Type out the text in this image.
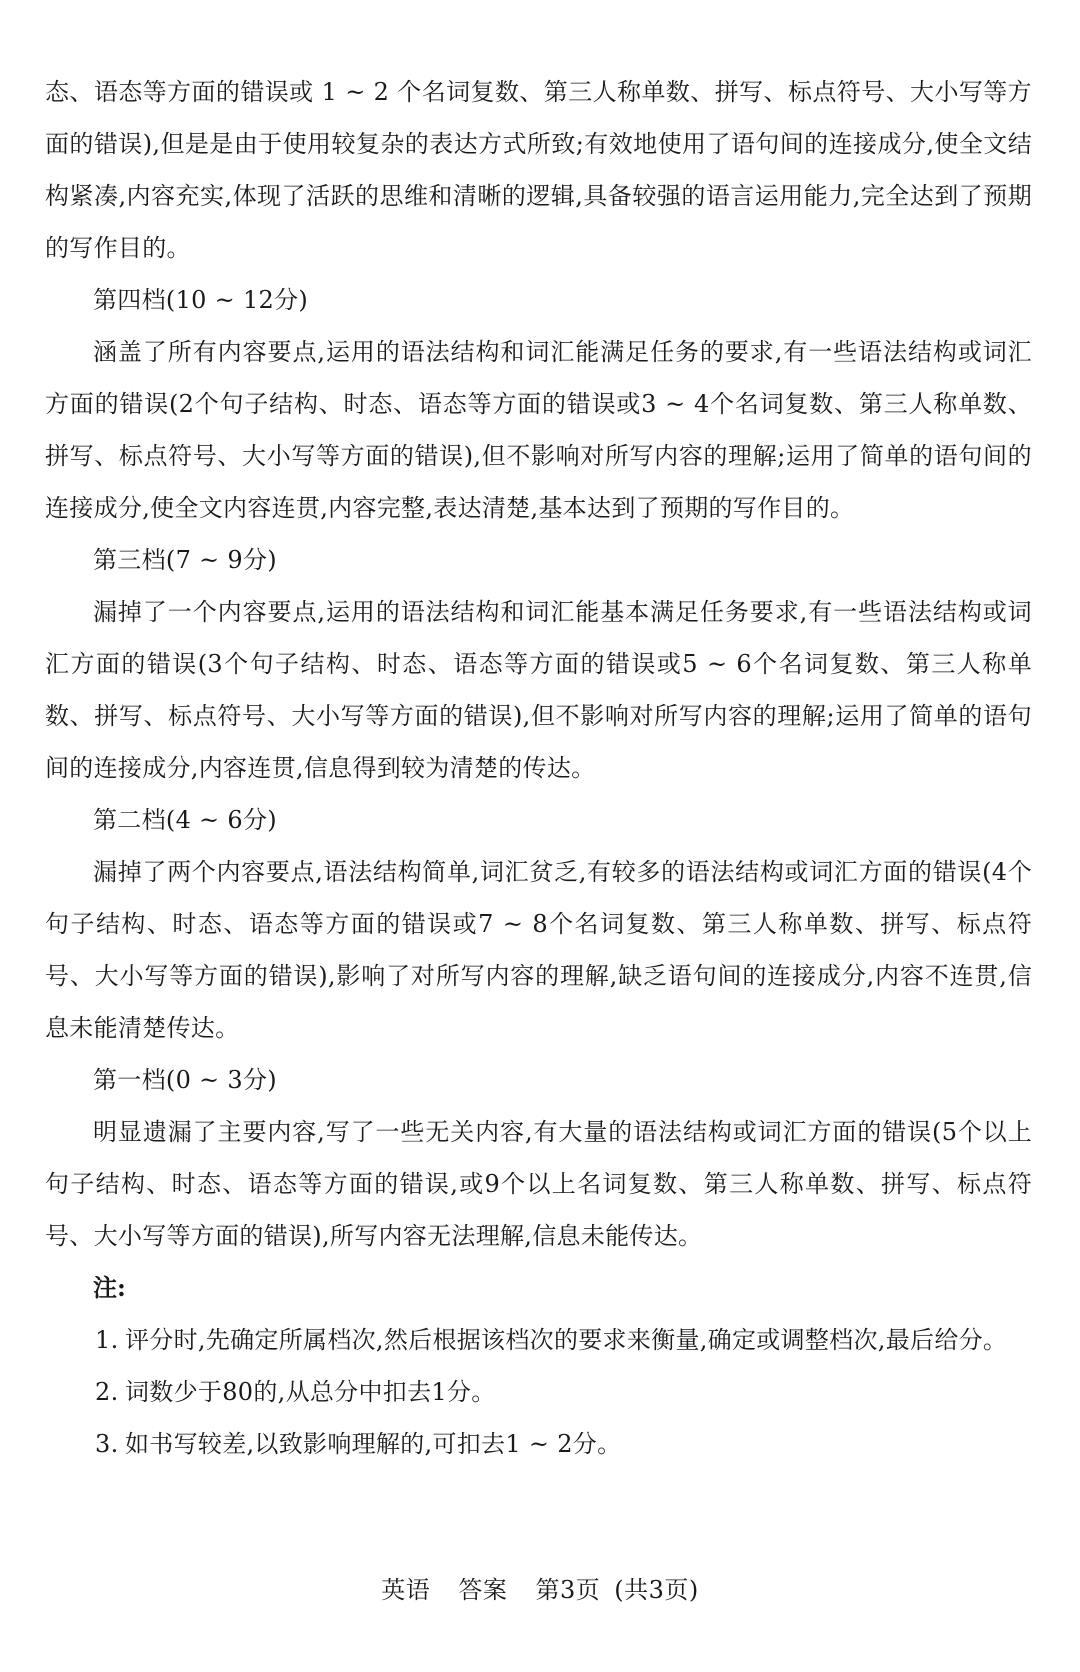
态、语态等方面的错误或 1 ~ 2 个名词复数、第三人称单数、拼写、标点符号、大小写等方面的错误),但是是由于使用较复杂的表达方式所致;有效地使用了语句间的连接成分,使全文结构紧凑,内容充实,体现了活跃的思维和清晰的逻辑,具备较强的语言运用能力,完全达到了预期的写作目的。

第四档(10 ~ 12分)

涵盖了所有内容要点,运用的语法结构和词汇能满足任务的要求,有一些语法结构或词汇方面的错误(2个句子结构、时态、语态等方面的错误或3 ~ 4个名词复数、第三人称单数、拼写、标点符号、大小写等方面的错误),但不影响对所写内容的理解;运用了简单的语句间的连接成分,使全文内容连贯,内容完整,表达清楚,基本达到了预期的写作目的。

第三档(7 ~ 9分)

漏掉了一个内容要点,运用的语法结构和词汇能基本满足任务要求,有一些语法结构或词汇方面的错误(3个句子结构、时态、语态等方面的错误或5 ~ 6个名词复数、第三人称单数、拼写、标点符号、大小写等方面的错误),但不影响对所写内容的理解;运用了简单的语句间的连接成分,内容连贯,信息得到较为清楚的传达。

第二档(4 ~ 6分)

漏掉了两个内容要点,语法结构简单,词汇贫乏,有较多的语法结构或词汇方面的错误(4个句子结构、时态、语态等方面的错误或7 ~ 8个名词复数、第三人称单数、拼写、标点符号、大小写等方面的错误),影响了对所写内容的理解,缺乏语句间的连接成分,内容不连贯,信息未能清楚传达。

第一档(0 ~ 3分)

明显遗漏了主要内容,写了一些无关内容,有大量的语法结构或词汇方面的错误(5个以上句子结构、时态、语态等方面的错误,或9个以上名词复数、第三人称单数、拼写、标点符号、大小写等方面的错误),所写内容无法理解,信息未能传达。

注:

1. 评分时,先确定所属档次,然后根据该档次的要求来衡量,确定或调整档次,最后给分。

2. 词数少于80的,从总分中扣去1分。

3. 如书写较差,以致影响理解的,可扣去1 ~ 2分。

英语 答案 第3页 (共3页)
